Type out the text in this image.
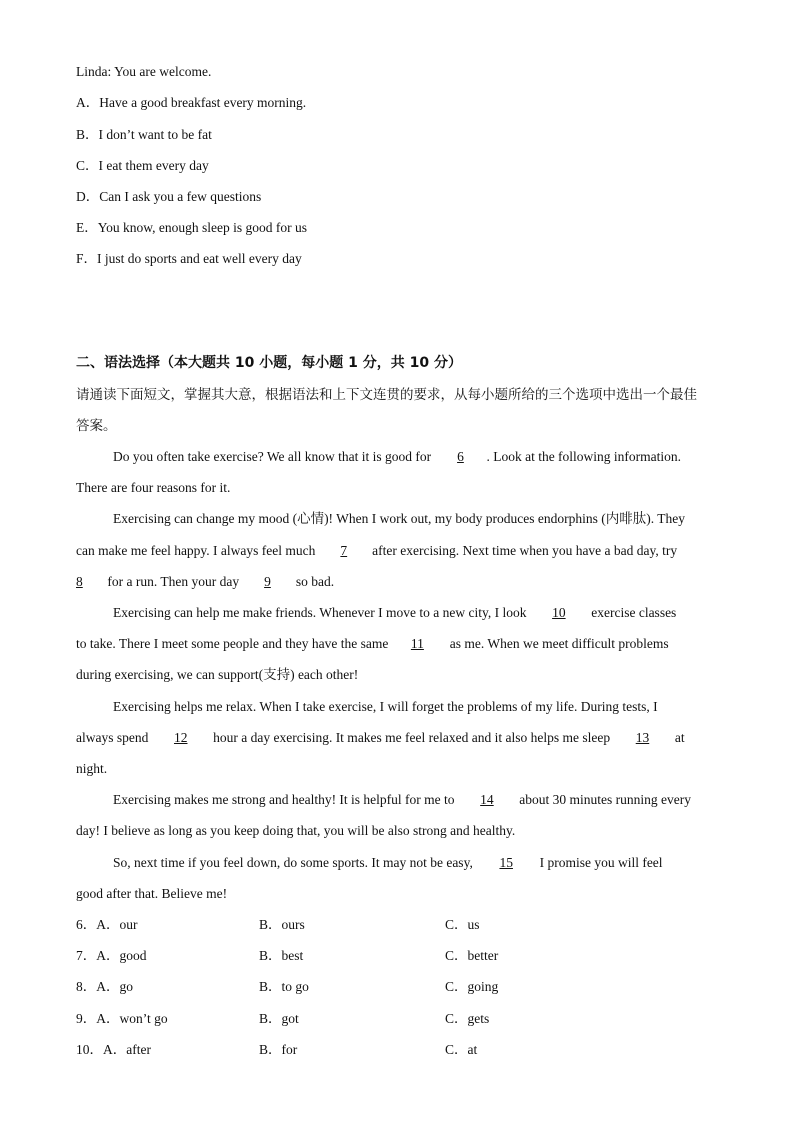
Linda: You are welcome.
A．Have a good breakfast every morning.
B．I don’t want to be fat
C．I eat them every day
D．Can I ask you a few questions
E．You know, enough sleep is good for us
F．I just do sports and eat well every day
二、语法选择（本大题共 10 小题，每小题 1 分，共 10 分）
请通读下面短文，掌握其大意，根据语法和上下文连贯的要求，从每小题所给的三个选项中选出一个最佳
答案。
Do you often take exercise? We all know that it is good for 6 . Look at the following information.
There are four reasons for it.
Exercising can change my mood (心情)! When I work out, my body produces endorphins (内啡肽). They
can make me feel happy. I always feel much 7 after exercising. Next time when you have a bad day, try
8 for a run. Then your day 9 so bad.
Exercising can help me make friends. Whenever I move to a new city, I look 10 exercise classes
to take. There I meet some people and they have the same 11 as me. When we meet difficult problems
during exercising, we can support(支持) each other!
Exercising helps me relax. When I take exercise, I will forget the problems of my life. During tests, I
always spend 12 hour a day exercising. It makes me feel relaxed and it also helps me sleep 13 at
night.
Exercising makes me strong and healthy! It is helpful for me to 14 about 30 minutes running every
day! I believe as long as you keep doing that, you will be also strong and healthy.
So, next time if you feel down, do some sports. It may not be easy, 15 I promise you will feel
good after that. Believe me!
6．A．our	B．ours	C．us
7．A．good	B．best	C．better
8．A．go	B．to go	C．going
9．A．won’t go	B．got	C．gets
10．A．after	B．for	C．at
